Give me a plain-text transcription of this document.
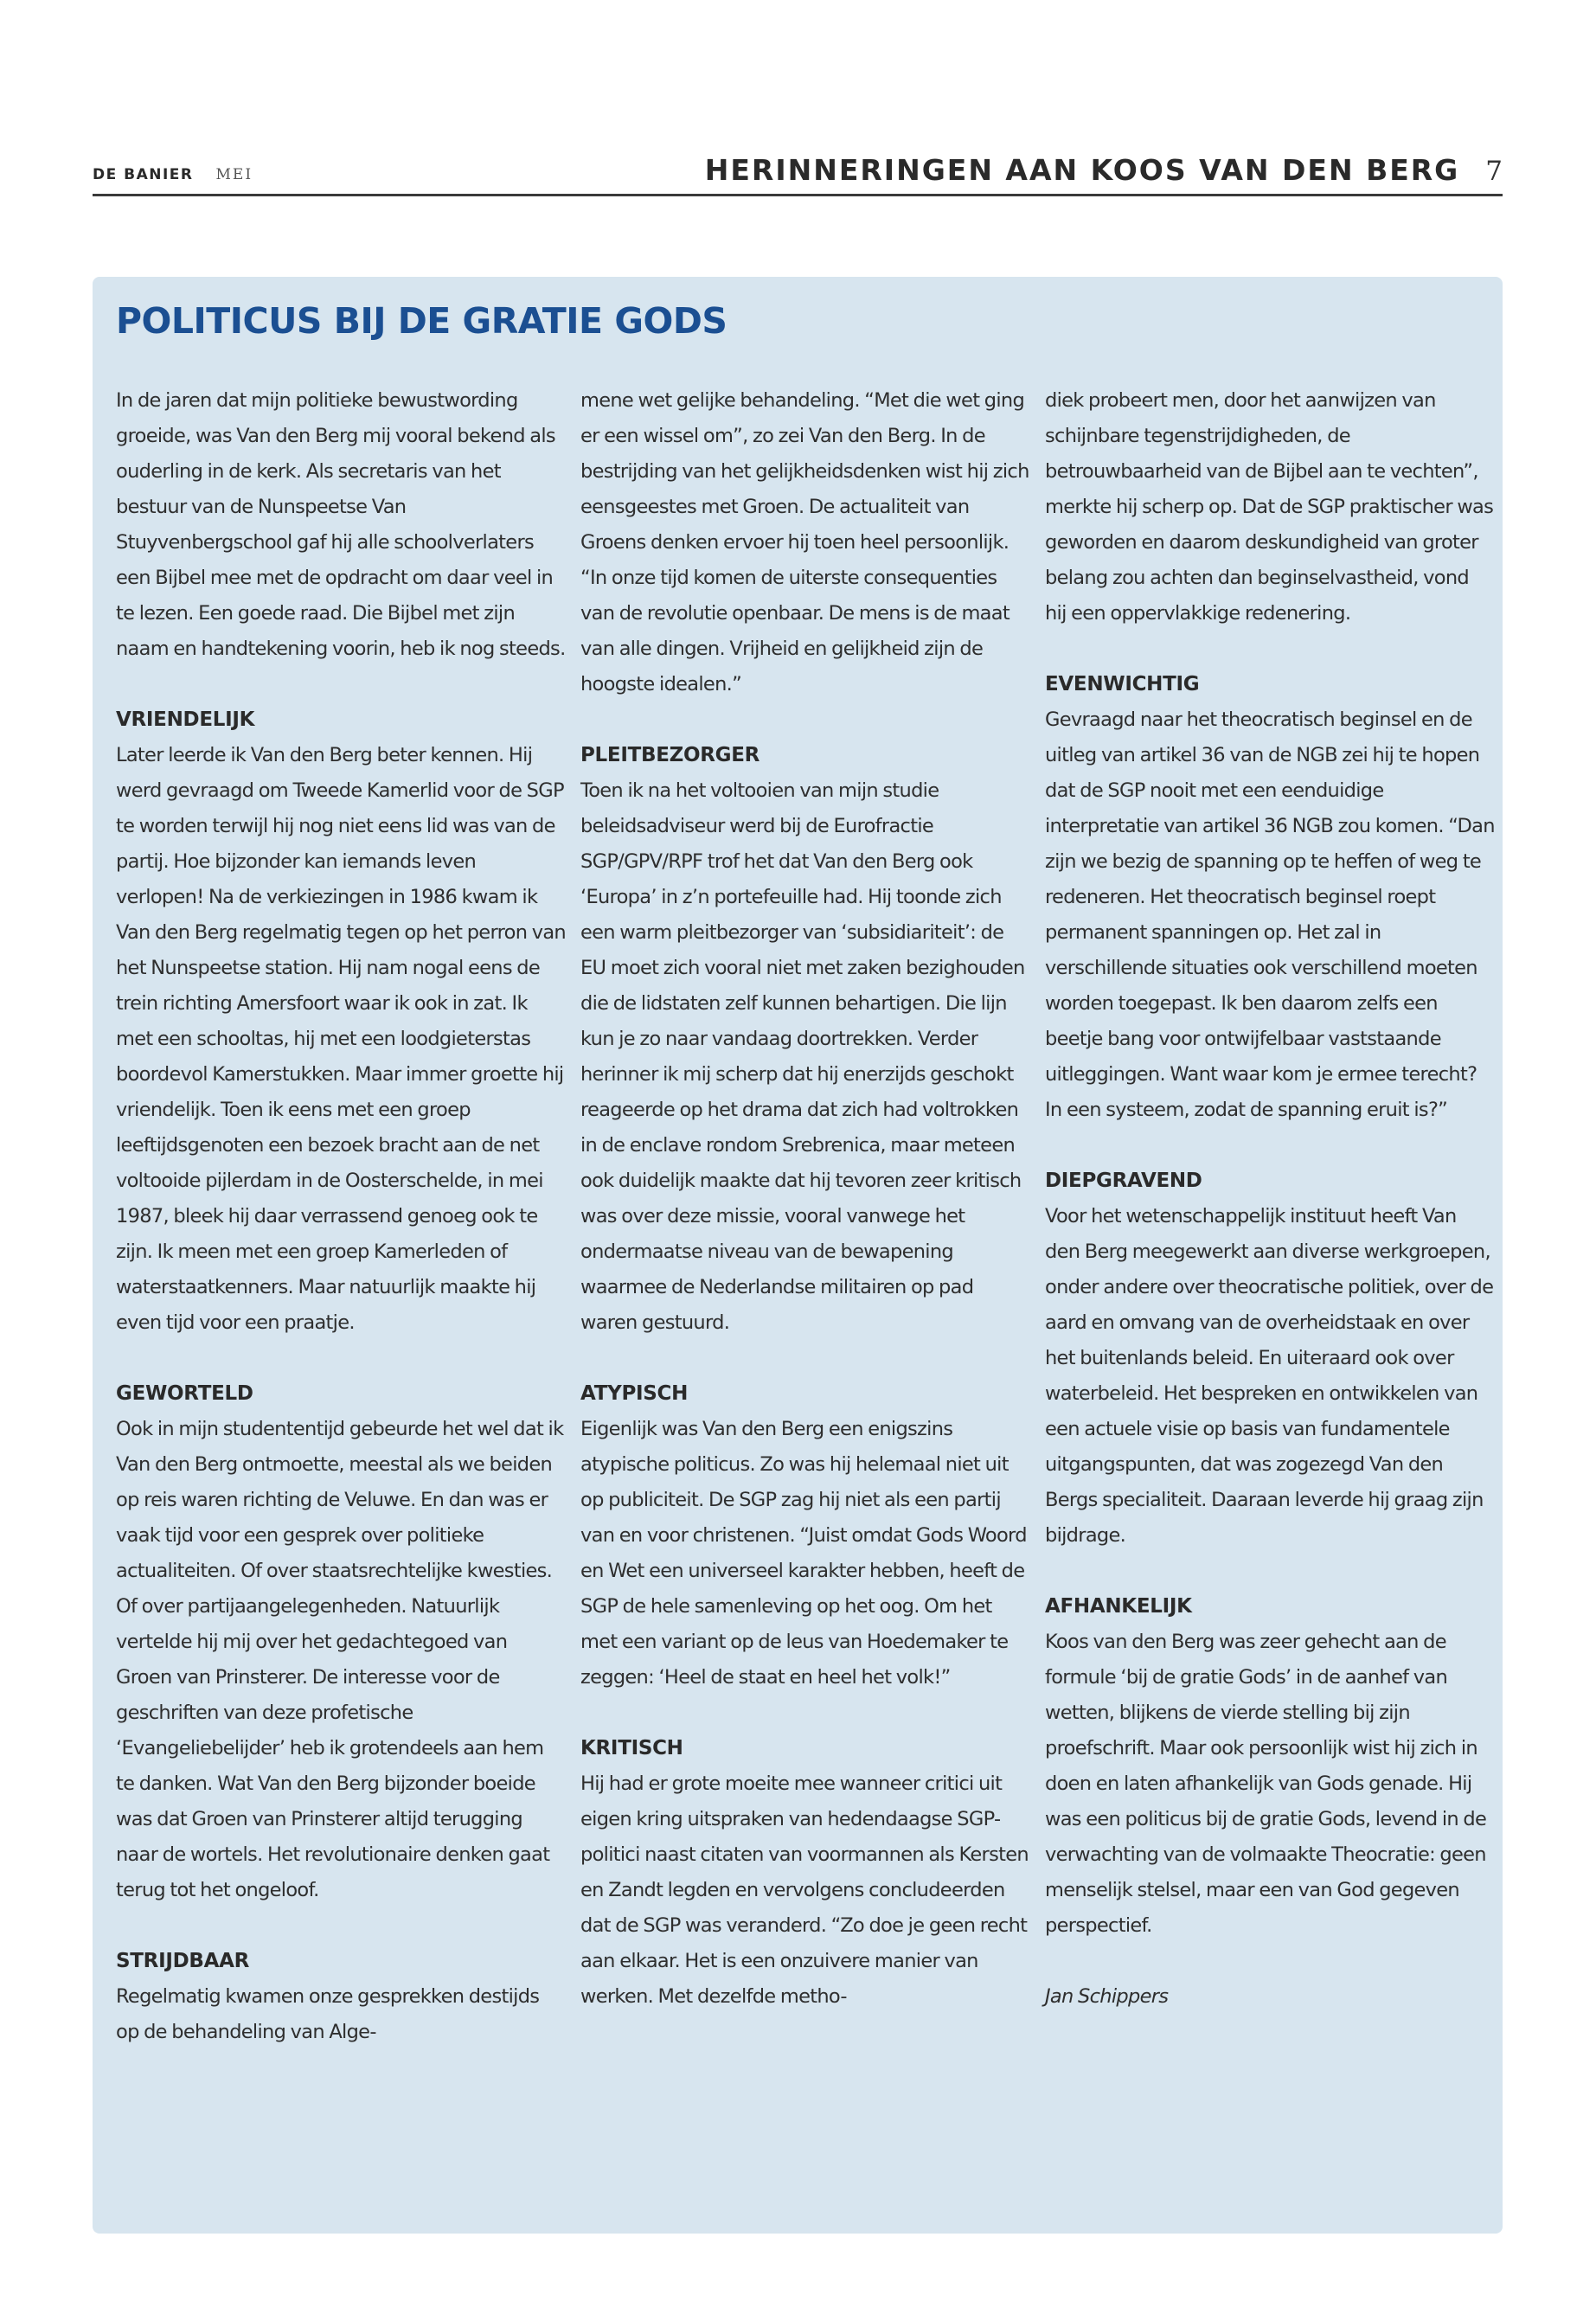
DE BANIER MEI	HERINNERINGEN AAN KOOS VAN DEN BERG 7
POLITICUS BIJ DE GRATIE GODS

In de jaren dat mijn politieke bewustwording groeide, was Van den Berg mij vooral bekend als ouderling in de kerk. Als secretaris van het bestuur van de Nunspeetse Van Stuyvenbergschool gaf hij alle schoolverlaters een Bijbel mee met de opdracht om daar veel in te lezen. Een goede raad. Die Bijbel met zijn naam en handtekening voorin, heb ik nog steeds.

VRIENDELIJK

Later leerde ik Van den Berg beter kennen. Hij werd gevraagd om Tweede Kamerlid voor de SGP te worden terwijl hij nog niet eens lid was van de partij. Hoe bijzonder kan iemands leven verlopen! Na de verkiezingen in 1986 kwam ik Van den Berg regelmatig tegen op het perron van het Nunspeetse station. Hij nam nogal eens de trein richting Amersfoort waar ik ook in zat. Ik met een schooltas, hij met een loodgieterstas boordevol Kamerstukken. Maar immer groette hij vriendelijk. Toen ik eens met een groep leeftijdsgenoten een bezoek bracht aan de net voltooide pijlerdam in de Oosterschelde, in mei 1987, bleek hij daar verrassend genoeg ook te zijn. Ik meen met een groep Kamerleden of waterstaatkenners. Maar natuurlijk maakte hij even tijd voor een praatje.

GEWORTELD

Ook in mijn studententijd gebeurde het wel dat ik Van den Berg ontmoette, meestal als we beiden op reis waren richting de Veluwe. En dan was er vaak tijd voor een gesprek over politieke actualiteiten. Of over staatsrechtelijke kwesties. Of over partijaangelegenheden. Natuurlijk vertelde hij mij over het gedachtegoed van Groen van Prinsterer. De interesse voor de geschriften van deze profetische ‘Evangeliebelijder’ heb ik grotendeels aan hem te danken. Wat Van den Berg bijzonder boeide was dat Groen van Prinsterer altijd terugging naar de wortels. Het revolutionaire denken gaat terug tot het ongeloof.

STRIJDBAAR

Regelmatig kwamen onze gesprekken destijds op de behandeling van Alge-

mene wet gelijke behandeling. “Met die wet ging er een wissel om”, zo zei Van den Berg. In de bestrijding van het gelijkheidsdenken wist hij zich eensgeestes met Groen. De actualiteit van Groens denken ervoer hij toen heel persoonlijk. “In onze tijd komen de uiterste consequenties van de revolutie openbaar. De mens is de maat van alle dingen. Vrijheid en gelijkheid zijn de hoogste idealen.”

PLEITBEZORGER

Toen ik na het voltooien van mijn studie beleidsadviseur werd bij de Eurofractie SGP/GPV/RPF trof het dat Van den Berg ook ‘Europa’ in z’n portefeuille had. Hij toonde zich een warm pleitbezorger van ‘subsidiariteit’: de EU moet zich vooral niet met zaken bezighouden die de lidstaten zelf kunnen behartigen. Die lijn kun je zo naar vandaag doortrekken. Verder herinner ik mij scherp dat hij enerzijds geschokt reageerde op het drama dat zich had voltrokken in de enclave rondom Srebrenica, maar meteen ook duidelijk maakte dat hij tevoren zeer kritisch was over deze missie, vooral vanwege het ondermaatse niveau van de bewapening waarmee de Nederlandse militairen op pad waren gestuurd.

ATYPISCH

Eigenlijk was Van den Berg een enigszins atypische politicus. Zo was hij helemaal niet uit op publiciteit. De SGP zag hij niet als een partij van en voor christenen. “Juist omdat Gods Woord en Wet een universeel karakter hebben, heeft de SGP de hele samenleving op het oog. Om het met een variant op de leus van Hoedemaker te zeggen: ‘Heel de staat en heel het volk!”

KRITISCH

Hij had er grote moeite mee wanneer critici uit eigen kring uitspraken van hedendaagse SGP-politici naast citaten van voormannen als Kersten en Zandt legden en vervolgens concludeerden dat de SGP was veranderd. “Zo doe je geen recht aan elkaar. Het is een onzuivere manier van werken. Met dezelfde metho-

diek probeert men, door het aanwijzen van schijnbare tegenstrijdigheden, de betrouwbaarheid van de Bijbel aan te vechten”, merkte hij scherp op. Dat de SGP praktischer was geworden en daarom deskundigheid van groter belang zou achten dan beginselvastheid, vond hij een oppervlakkige redenering.

EVENWICHTIG

Gevraagd naar het theocratisch beginsel en de uitleg van artikel 36 van de NGB zei hij te hopen dat de SGP nooit met een eenduidige interpretatie van artikel 36 NGB zou komen. “Dan zijn we bezig de spanning op te heffen of weg te redeneren. Het theocratisch beginsel roept permanent spanningen op. Het zal in verschillende situaties ook verschillend moeten worden toegepast. Ik ben daarom zelfs een beetje bang voor ontwijfelbaar vaststaande uitleggingen. Want waar kom je ermee terecht? In een systeem, zodat de spanning eruit is?”

DIEPGRAVEND

Voor het wetenschappelijk instituut heeft Van den Berg meegewerkt aan diverse werkgroepen, onder andere over theocratische politiek, over de aard en omvang van de overheidstaak en over het buitenlands beleid. En uiteraard ook over waterbeleid. Het bespreken en ontwikkelen van een actuele visie op basis van fundamentele uitgangspunten, dat was zogezegd Van den Bergs specialiteit. Daaraan leverde hij graag zijn bijdrage.

AFHANKELIJK

Koos van den Berg was zeer gehecht aan de formule ‘bij de gratie Gods’ in de aanhef van wetten, blijkens de vierde stelling bij zijn proefschrift. Maar ook persoonlijk wist hij zich in doen en laten afhankelijk van Gods genade. Hij was een politicus bij de gratie Gods, levend in de verwachting van de volmaakte Theocratie: geen menselijk stelsel, maar een van God gegeven perspectief.

Jan Schippers
